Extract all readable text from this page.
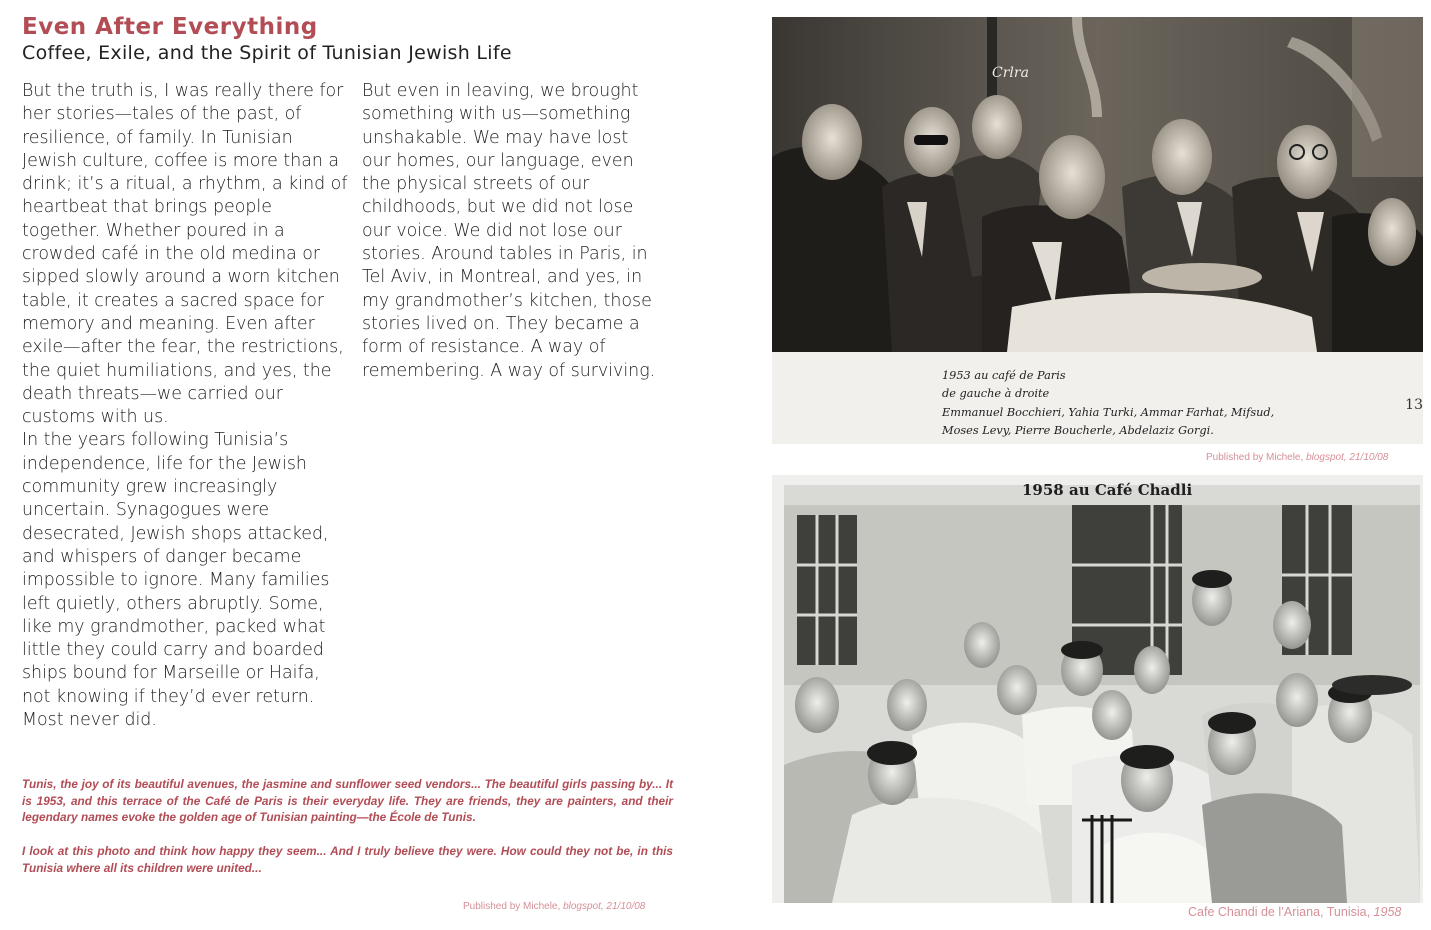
Even After Everything
Coffee, Exile, and the Spirit of Tunisian Jewish Life

But the truth is, I was really there for her stories—tales of the past, of resilience, of family. In Tunisian Jewish culture, coffee is more than a drink; it’s a ritual, a rhythm, a kind of heartbeat that brings people together. Whether poured in a crowded café in the old medina or sipped slowly around a worn kitchen table, it creates a sacred space for memory and meaning. Even after exile—after the fear, the restrictions, the quiet humiliations, and yes, the death threats—we carried our customs with us.

In the years following Tunisia’s independence, life for the Jewish community grew increasingly uncertain. Synagogues were desecrated, Jewish shops attacked, and whispers of danger became impossible to ignore. Many families left quietly, others abruptly. Some, like my grandmother, packed what little they could carry and boarded ships bound for Marseille or Haifa, not knowing if they’d ever return. Most never did.

But even in leaving, we brought something with us—something unshakable. We may have lost our homes, our language, even the physical streets of our childhoods, but we did not lose our voice. We did not lose our stories. Around tables in Paris, in Tel Aviv, in Montreal, and yes, in my grandmother’s kitchen, those stories lived on. They became a form of resistance. A way of remembering. A way of surviving.

Tunis, the joy of its beautiful avenues, the jasmine and sunflower seed vendors... The beautiful girls passing by... It is 1953, and this terrace of the Café de Paris is their everyday life. They are friends, they are painters, and their legendary names evoke the golden age of Tunisian painting—the École de Tunis.

I look at this photo and think how happy they seem... And I truly believe they were. How could they not be, in this Tunisia where all its children were united...

Published by Michele, blogspot, 21/10/08
Crlra
1953 au café de Paris
de gauche à droite
Emmanuel Bocchieri, Yahia Turki, Ammar Farhat, Mifsud,
Moses Levy, Pierre Boucherle, Abdelaziz Gorgi.
13
Published by Michele, blogspot, 21/10/08
1958 au Café Chadli
Cafe Chandi de l’Ariana, Tunisia, 1958
